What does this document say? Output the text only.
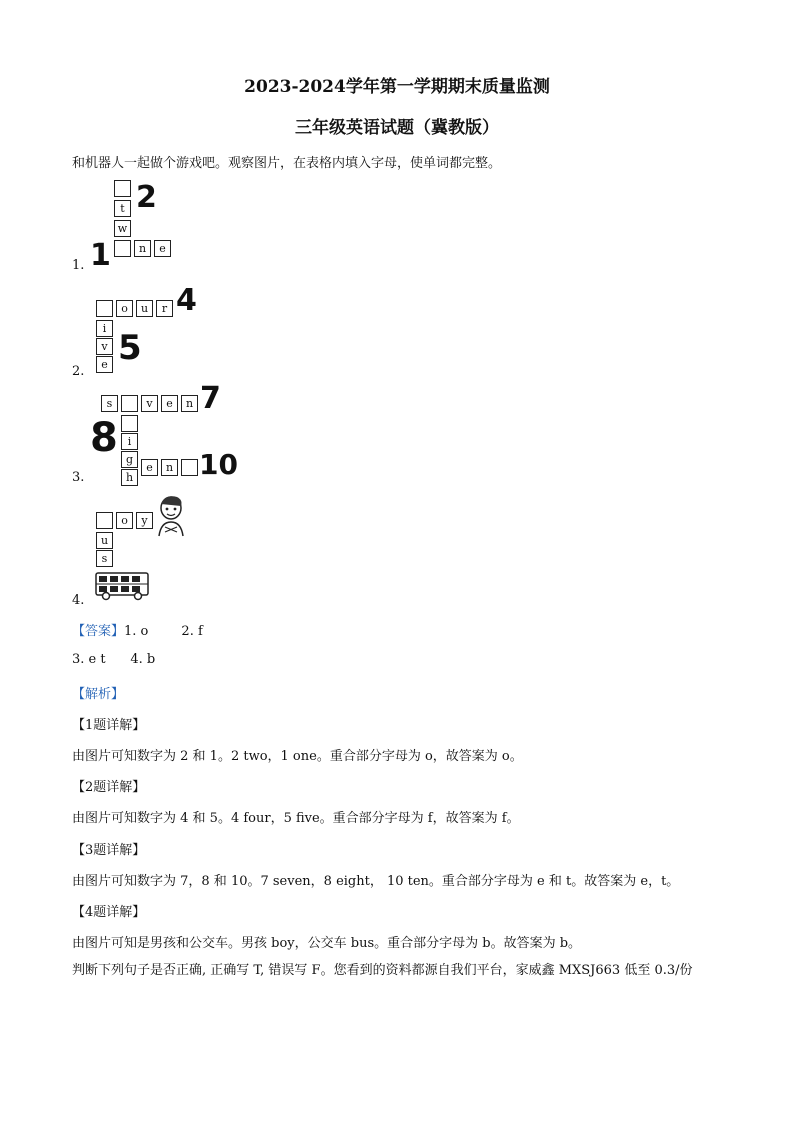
2023-2024学年第一学期期末质量监测
三年级英语试题（冀教版）
和机器人一起做个游戏吧。观察图片，在表格内填入字母，使单词都完整。
t
w
n	e
2
1
1.
o	u	r
i
v
e
4
5
2.
s	v	e	n
i
g
h
e	n
7
8
10
3.
o	y
u
s
4.
【答案】1. o        2. f
3. e t      4. b
【解析】
【1题详解】
由图片可知数字为 2 和 1。2 two，1 one。重合部分字母为 o，故答案为 o。
【2题详解】
由图片可知数字为 4 和 5。4 four，5 five。重合部分字母为 f，故答案为 f。
【3题详解】
由图片可知数字为 7，8 和 10。7 seven，8 eight， 10 ten。重合部分字母为 e 和 t。故答案为 e，t。
【4题详解】
由图片可知是男孩和公交车。男孩 boy，公交车 bus。重合部分字母为 b。故答案为 b。
判断下列句子是否正确, 正确写 T, 错误写 F。您看到的资料都源自我们平台，家威鑫 MXSJ663 低至 0.3/份
